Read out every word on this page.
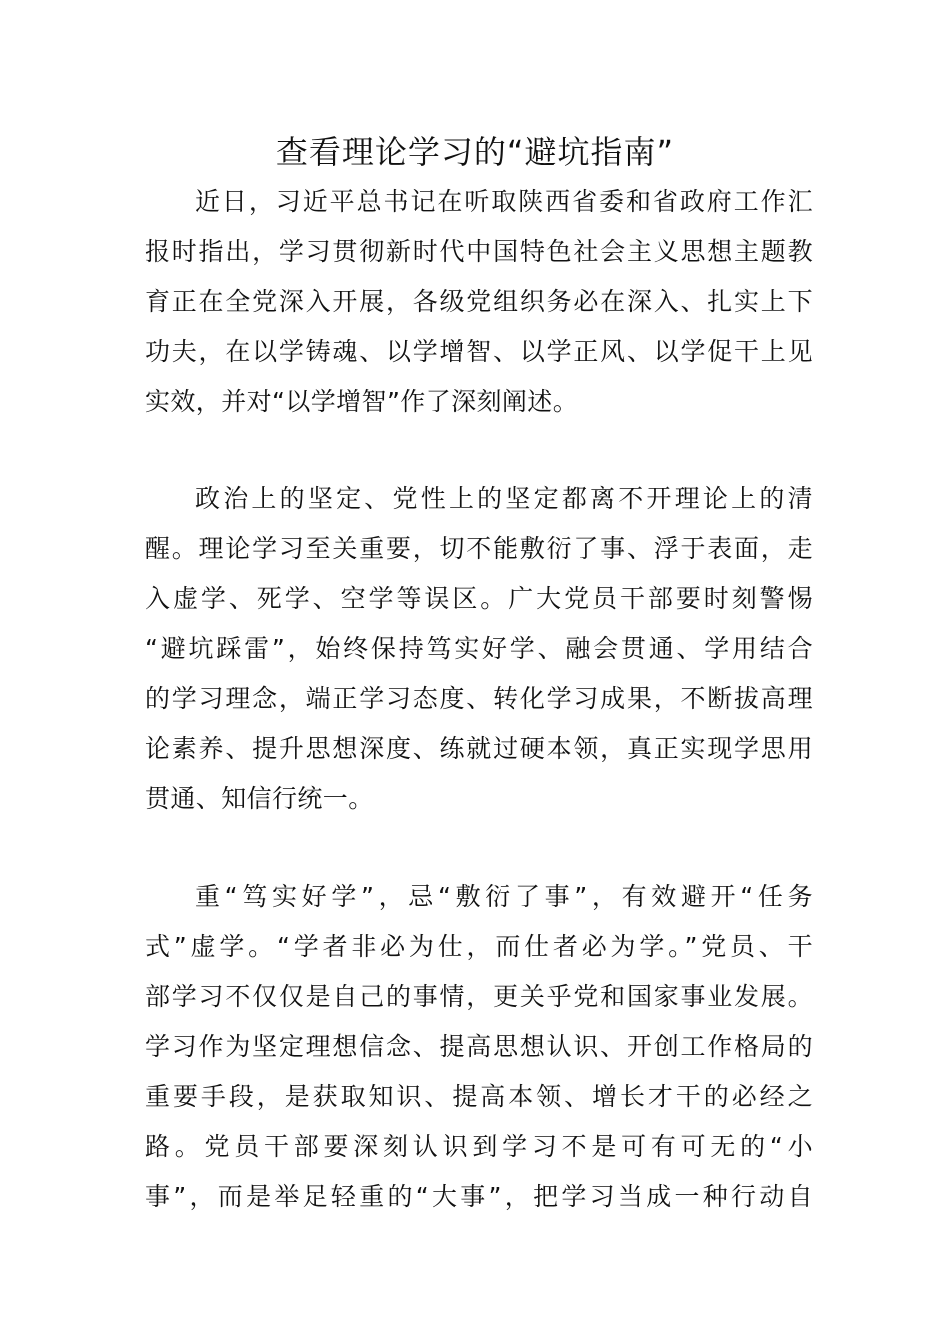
查看理论学习的“避坑指南”
近日，习近平总书记在听取陕西省委和省政府工作汇
报时指出，学习贯彻新时代中国特色社会主义思想主题教
育正在全党深入开展，各级党组织务必在深入、扎实上下
功夫，在以学铸魂、以学增智、以学正风、以学促干上见
实效，并对“以学增智”作了深刻阐述。
政治上的坚定、党性上的坚定都离不开理论上的清
醒。理论学习至关重要，切不能敷衍了事、浮于表面，走
入虚学、死学、空学等误区。广大党员干部要时刻警惕
“避坑踩雷”，始终保持笃实好学、融会贯通、学用结合
的学习理念，端正学习态度、转化学习成果，不断拔高理
论素养、提升思想深度、练就过硬本领，真正实现学思用
贯通、知信行统一。
重“笃实好学”，忌“敷衍了事”，有效避开“任务
式”虚学。“学者非必为仕，而仕者必为学。”党员、干
部学习不仅仅是自己的事情，更关乎党和国家事业发展。
学习作为坚定理想信念、提高思想认识、开创工作格局的
重要手段，是获取知识、提高本领、增长才干的必经之
路。党员干部要深刻认识到学习不是可有可无的“小
事”，而是举足轻重的“大事”，把学习当成一种行动自
